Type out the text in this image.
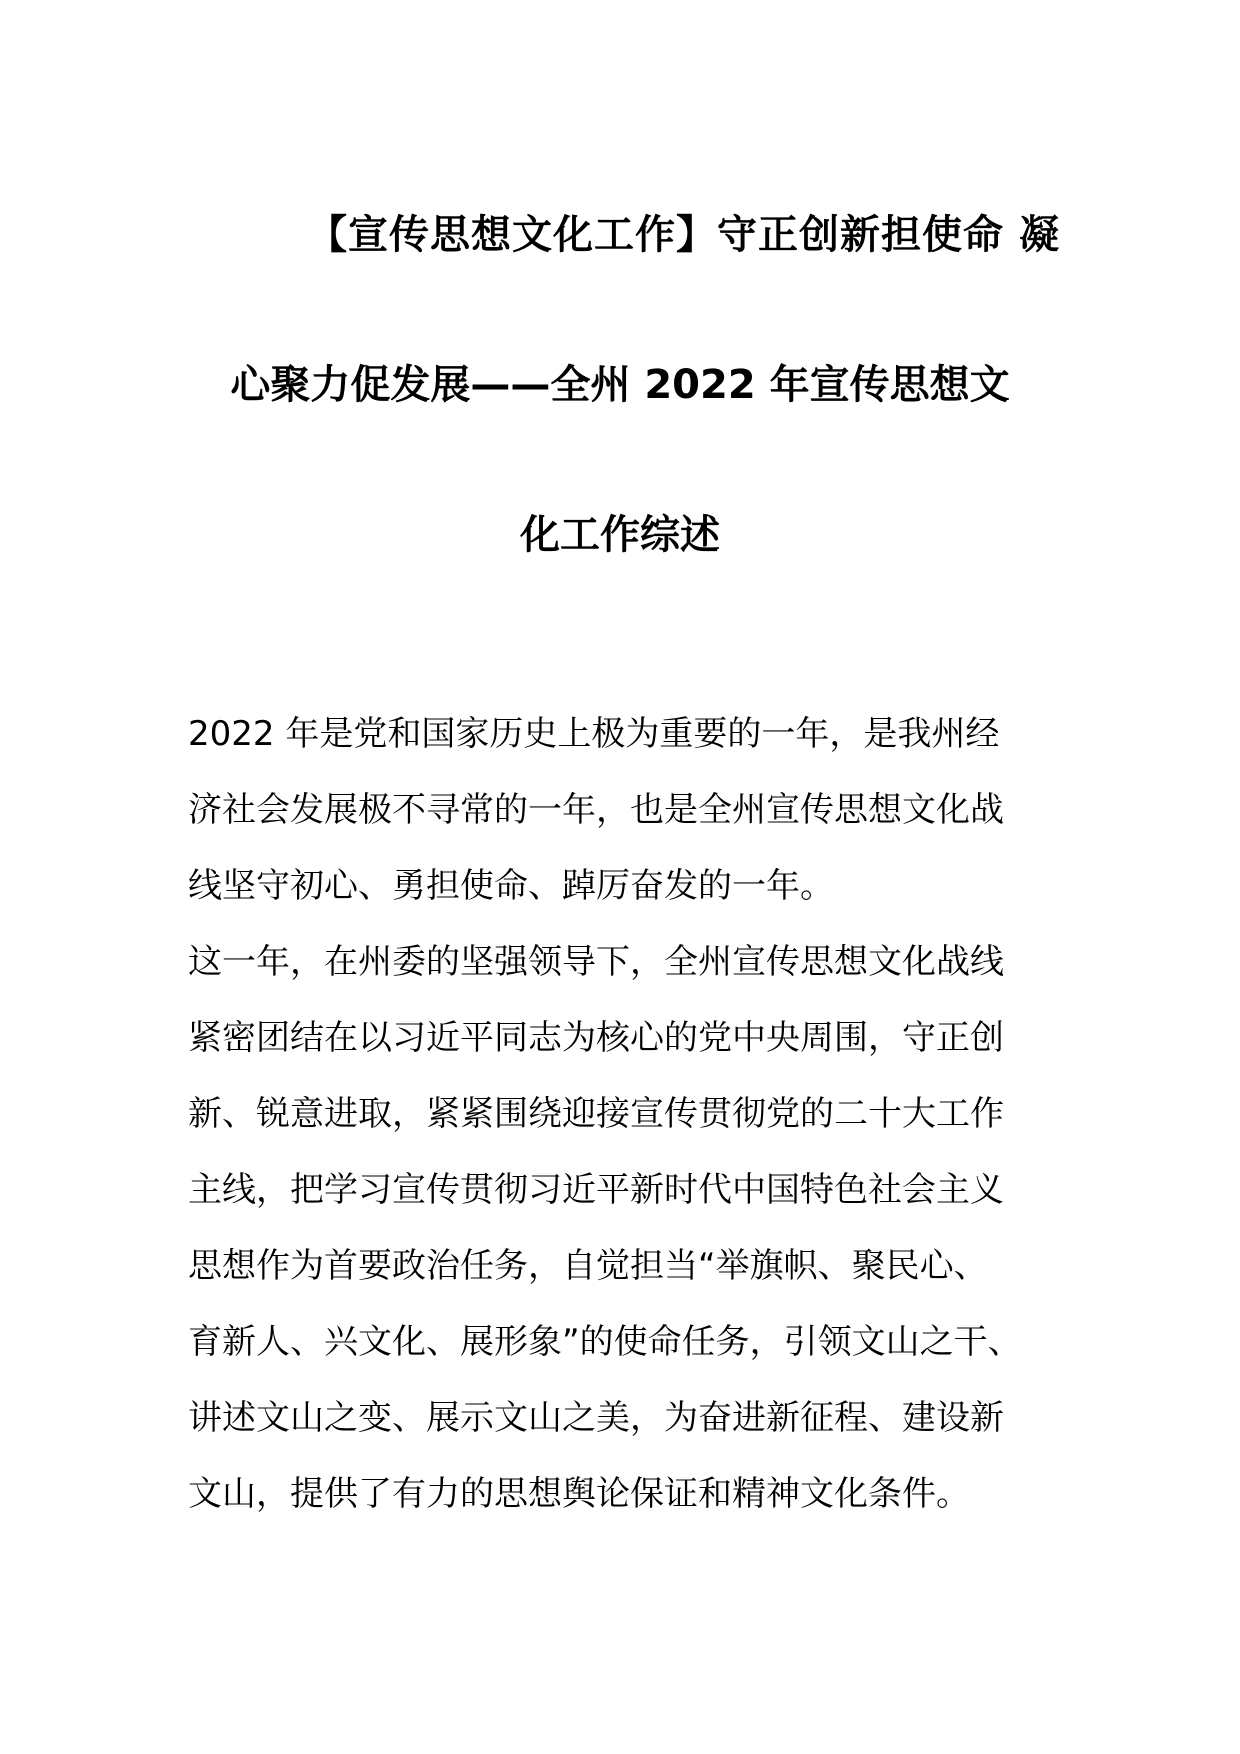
【宣传思想文化工作】守正创新担使命 凝
心聚力促发展——全州 2022 年宣传思想文
化工作综述

2022 年是党和国家历史上极为重要的一年，是我州经
济社会发展极不寻常的一年，也是全州宣传思想文化战
线坚守初心、勇担使命、踔厉奋发的一年。

这一年，在州委的坚强领导下，全州宣传思想文化战线
紧密团结在以习近平同志为核心的党中央周围，守正创
新、锐意进取，紧紧围绕迎接宣传贯彻党的二十大工作
主线，把学习宣传贯彻习近平新时代中国特色社会主义
思想作为首要政治任务，自觉担当“举旗帜、聚民心、
育新人、兴文化、展形象”的使命任务，引领文山之干、
讲述文山之变、展示文山之美，为奋进新征程、建设新
文山，提供了有力的思想舆论保证和精神文化条件。
